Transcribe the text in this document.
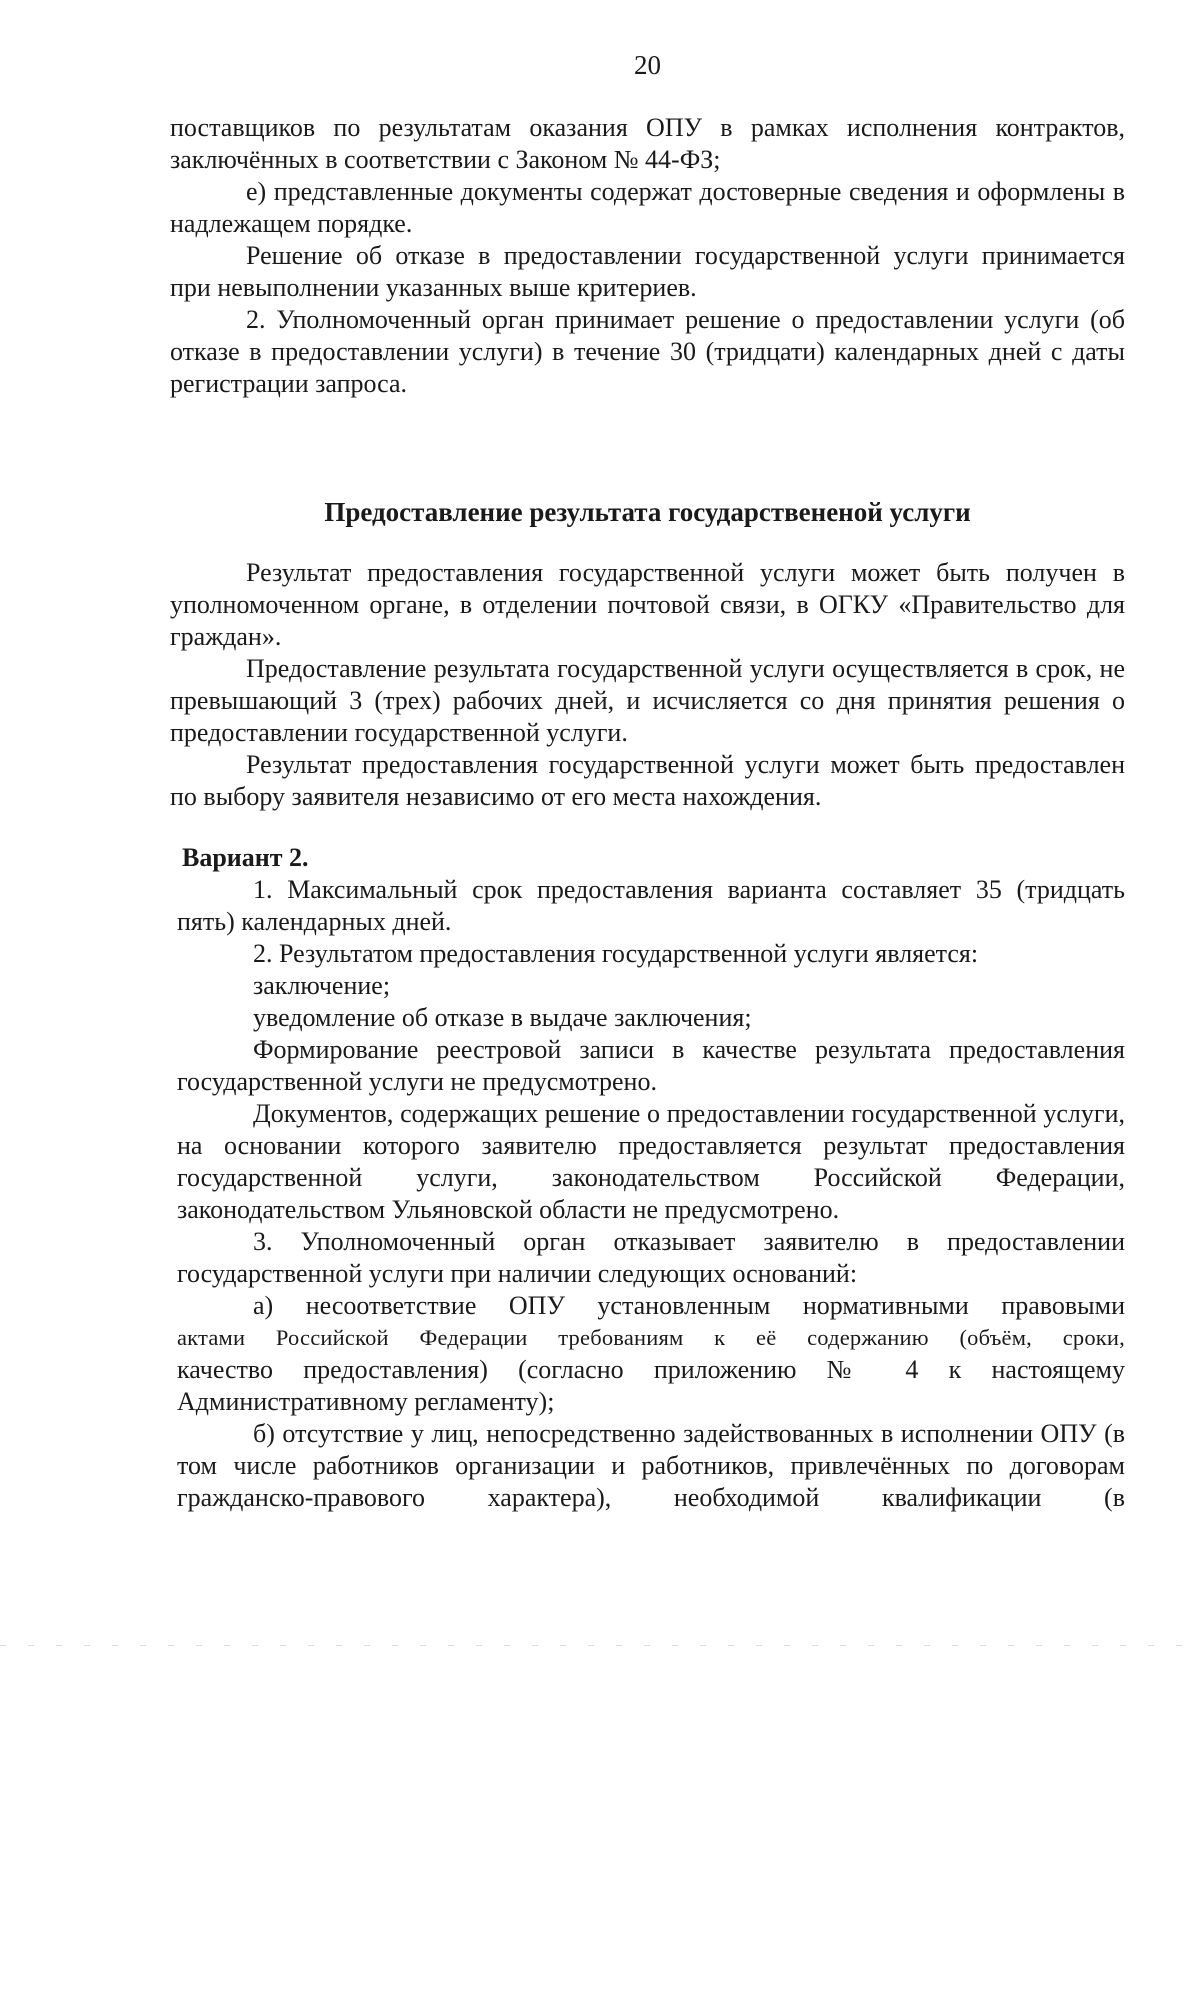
20

поставщиков по результатам оказания ОПУ в рамках исполнения контрактов, заключённых в соответствии с Законом № 44-ФЗ;

е) представленные документы содержат достоверные сведения и оформлены в надлежащем порядке.

Решение об отказе в предоставлении государственной услуги принимается при невыполнении указанных выше критериев.

2. Уполномоченный орган принимает решение о предоставлении услуги (об отказе в предоставлении услуги) в течение 30 (тридцати) календарных дней с даты регистрации запроса.

Предоставление результата государствененой услуги

Результат предоставления государственной услуги может быть получен в уполномоченном органе, в отделении почтовой связи, в ОГКУ «Правительство для граждан».

Предоставление результата государственной услуги осуществляется в срок, не превышающий 3 (трех) рабочих дней, и исчисляется со дня принятия решения о предоставлении государственной услуги.

Результат предоставления государственной услуги может быть предоставлен по выбору заявителя независимо от его места нахождения.

Вариант 2.

1. Максимальный срок предоставления варианта составляет 35 (тридцать пять) календарных дней.

2. Результатом предоставления государственной услуги является:

заключение;

уведомление об отказе в выдаче заключения;

Формирование реестровой записи в качестве результата предоставления государственной услуги не предусмотрено.

Документов, содержащих решение о предоставлении государственной услуги, на основании которого заявителю предоставляется результат предоставления государственной услуги, законодательством Российской Федерации, законодательством Ульяновской области не предусмотрено.

3. Уполномоченный орган отказывает заявителю в предоставлении государственной услуги при наличии следующих оснований:

а) несоответствие ОПУ установленным нормативными правовыми

актами Российской Федерации требованиям к её содержанию (объём, сроки,

качество предоставления) (согласно приложению № 4 к настоящему Административному регламенту);

б) отсутствие у лиц, непосредственно задействованных в исполнении ОПУ (в том числе работников организации и работников, привлечённых по договорам гражданско-правового характера), необходимой квалификации (в
